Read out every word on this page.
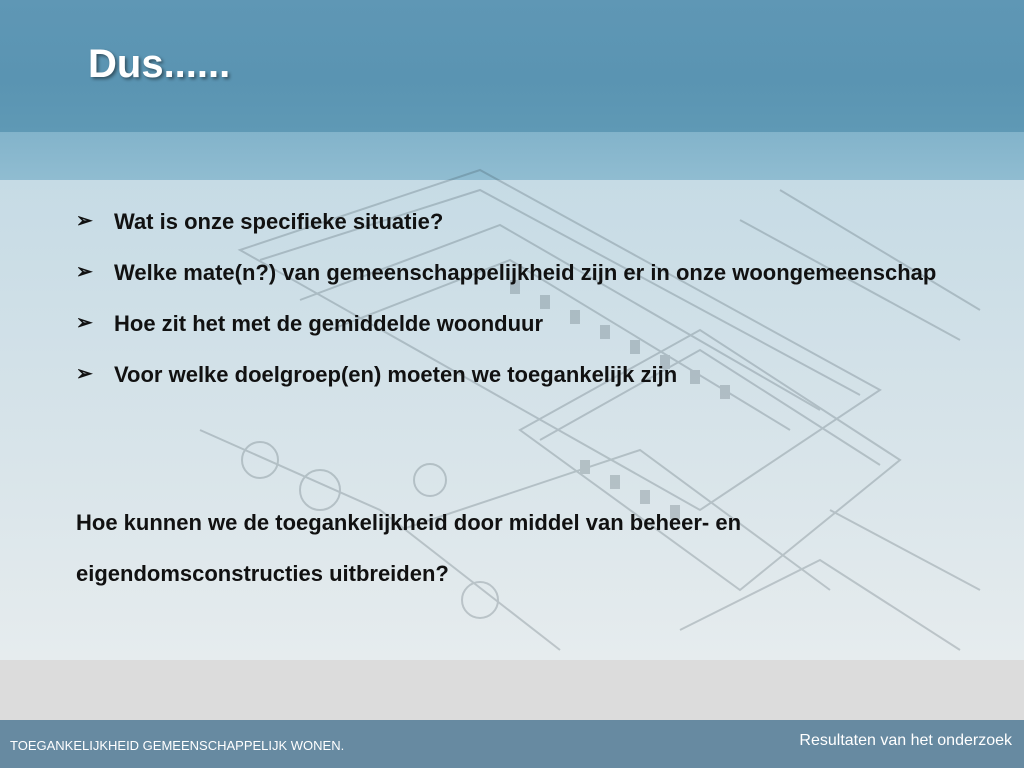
Dus......
➢ Wat is onze specifieke situatie?
➢ Welke mate(n?) van gemeenschappelijkheid zijn er in onze woongemeenschap
➢ Hoe zit het met de gemiddelde woonduur
➢ Voor welke doelgroep(en) moeten we toegankelijk zijn
Hoe kunnen we de toegankelijkheid door middel van beheer- en eigendomsconstructies uitbreiden?
TOEGANKELIJKHEID GEMEENSCHAPPELIJK WONEN.	Resultaten van het onderzoek
